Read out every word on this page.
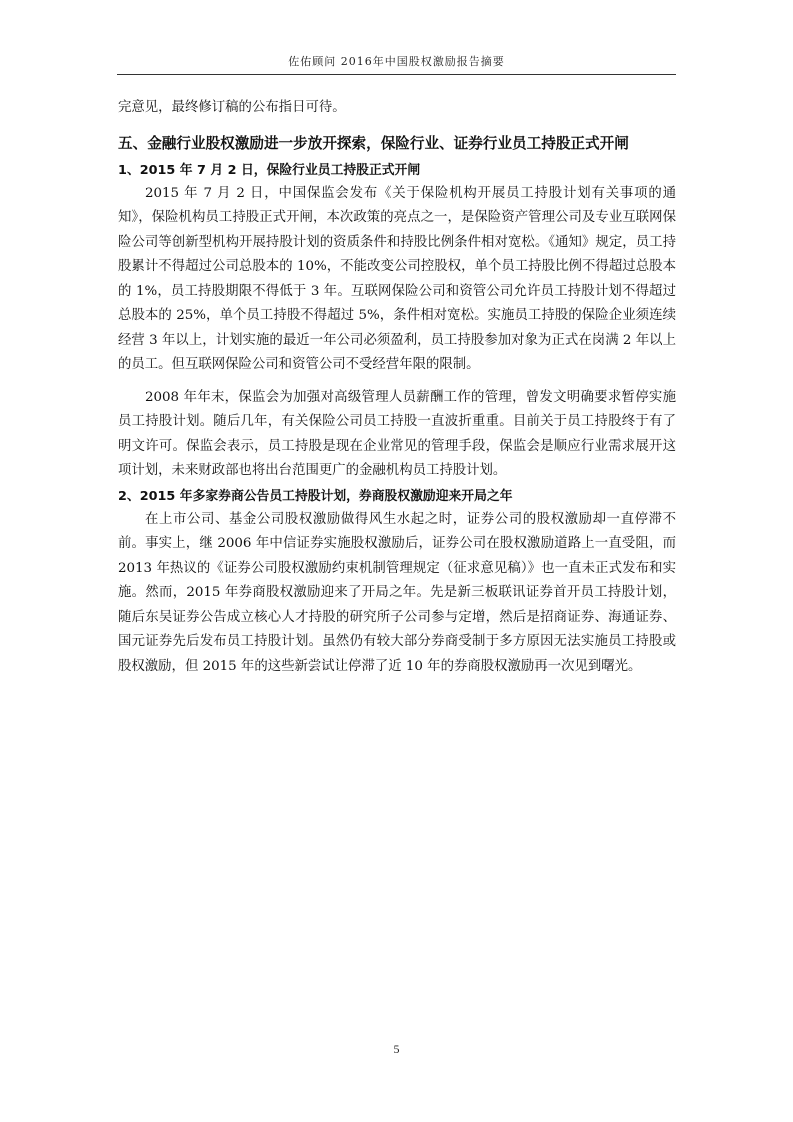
佐佑顾问 2016年中国股权激励报告摘要

完意见，最终修订稿的公布指日可待。

五、金融行业股权激励进一步放开探索，保险行业、证券行业员工持股正式开闸
1、2015 年 7 月 2 日，保险行业员工持股正式开闸

2015 年 7 月 2 日，中国保监会发布《关于保险机构开展员工持股计划有关事项的通知》，保险机构员工持股正式开闸，本次政策的亮点之一，是保险资产管理公司及专业互联网保险公司等创新型机构开展持股计划的资质条件和持股比例条件相对宽松。《通知》规定，员工持股累计不得超过公司总股本的 10%，不能改变公司控股权，单个员工持股比例不得超过总股本的 1%，员工持股期限不得低于 3 年。互联网保险公司和资管公司允许员工持股计划不得超过总股本的 25%，单个员工持股不得超过 5%，条件相对宽松。实施员工持股的保险企业须连续经营 3 年以上，计划实施的最近一年公司必须盈利，员工持股参加对象为正式在岗满 2 年以上的员工。但互联网保险公司和资管公司不受经营年限的限制。

2008 年年末，保监会为加强对高级管理人员薪酬工作的管理，曾发文明确要求暂停实施员工持股计划。随后几年，有关保险公司员工持股一直波折重重。目前关于员工持股终于有了明文许可。保监会表示，员工持股是现在企业常见的管理手段，保监会是顺应行业需求展开这项计划，未来财政部也将出台范围更广的金融机构员工持股计划。

2、2015 年多家券商公告员工持股计划，券商股权激励迎来开局之年

在上市公司、基金公司股权激励做得风生水起之时，证券公司的股权激励却一直停滞不前。事实上，继 2006 年中信证券实施股权激励后，证券公司在股权激励道路上一直受阻，而 2013 年热议的《证券公司股权激励约束机制管理规定（征求意见稿）》也一直未正式发布和实施。然而，2015 年券商股权激励迎来了开局之年。先是新三板联讯证券首开员工持股计划，随后东吴证券公告成立核心人才持股的研究所子公司参与定增，然后是招商证券、海通证券、国元证券先后发布员工持股计划。虽然仍有较大部分券商受制于多方原因无法实施员工持股或股权激励，但 2015 年的这些新尝试让停滞了近 10 年的券商股权激励再一次见到曙光。

5
